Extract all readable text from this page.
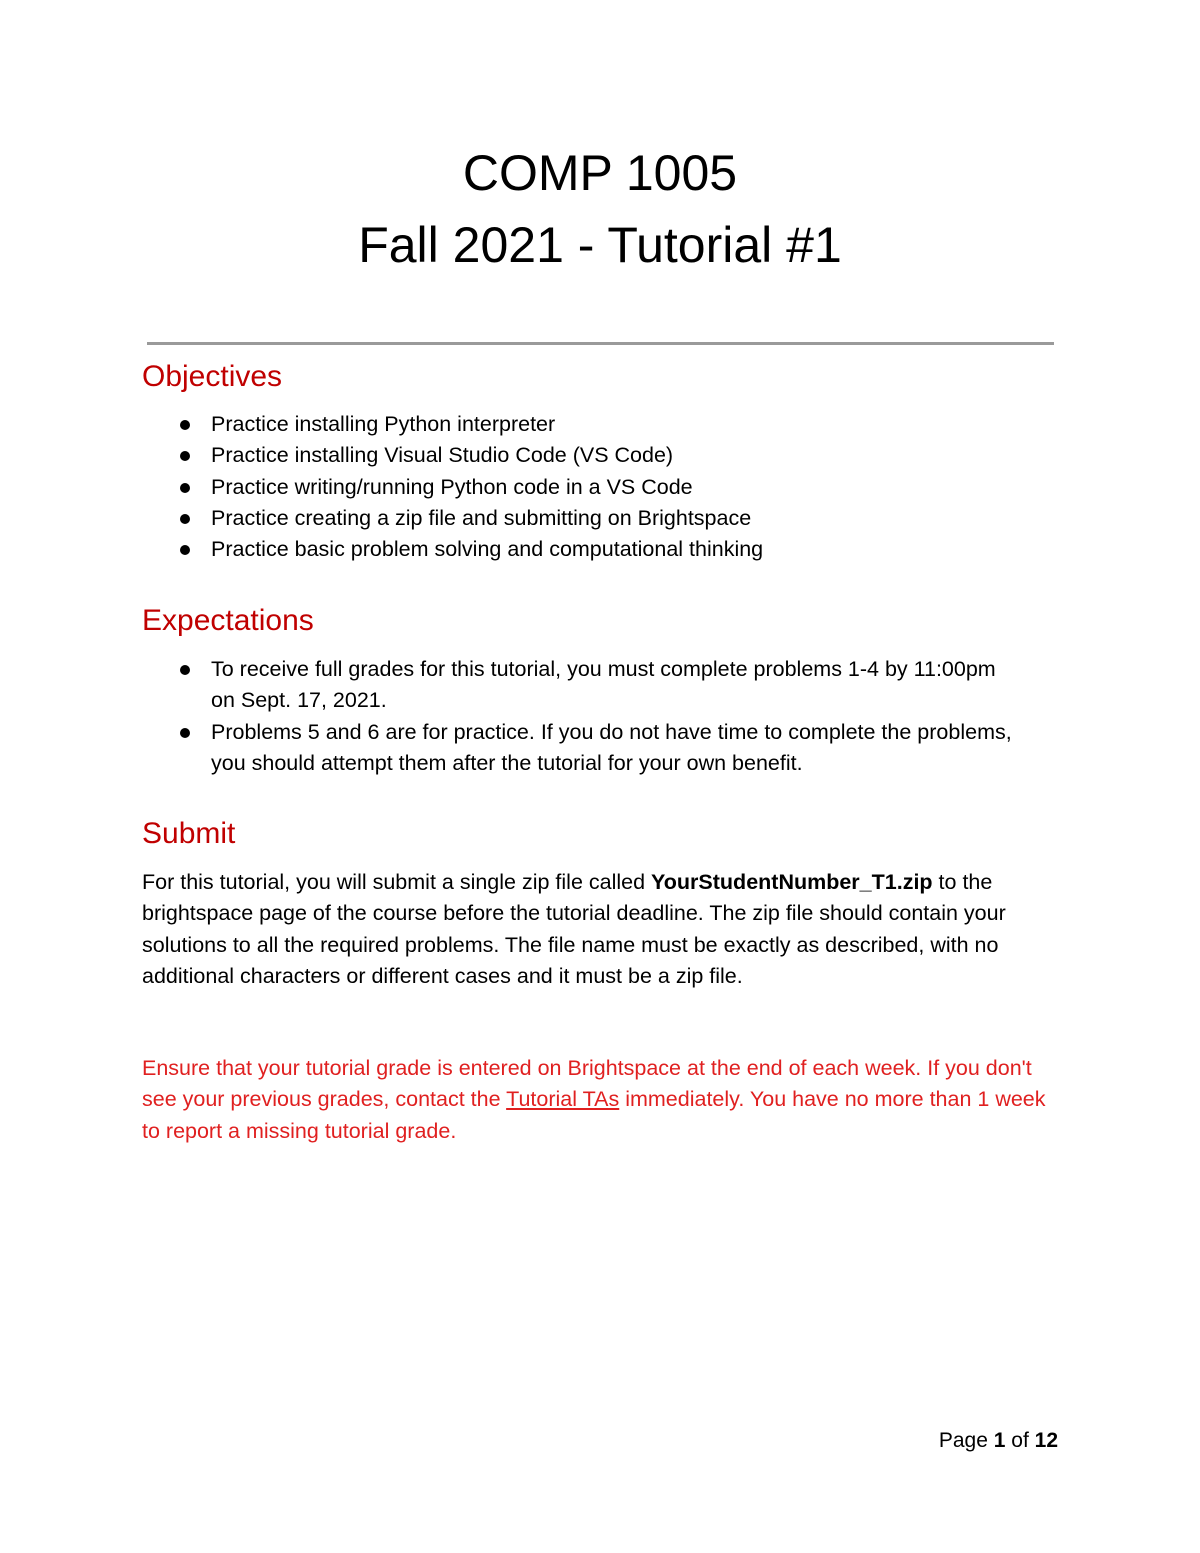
COMP 1005
Fall 2021 - Tutorial #1
Objectives
Practice installing Python interpreter
Practice installing Visual Studio Code (VS Code)
Practice writing/running Python code in a VS Code
Practice creating a zip file and submitting on Brightspace
Practice basic problem solving and computational thinking
Expectations
To receive full grades for this tutorial, you must complete problems 1-4 by 11:00pm on Sept. 17, 2021.
Problems 5 and 6 are for practice. If you do not have time to complete the problems, you should attempt them after the tutorial for your own benefit.
Submit

For this tutorial, you will submit a single zip file called YourStudentNumber_T1.zip to the brightspace page of the course before the tutorial deadline. The zip file should contain your solutions to all the required problems. The file name must be exactly as described, with no additional characters or different cases and it must be a zip file.

Ensure that your tutorial grade is entered on Brightspace at the end of each week. If you don't see your previous grades, contact the Tutorial TAs immediately. You have no more than 1 week to report a missing tutorial grade.

Page 1 of 12
